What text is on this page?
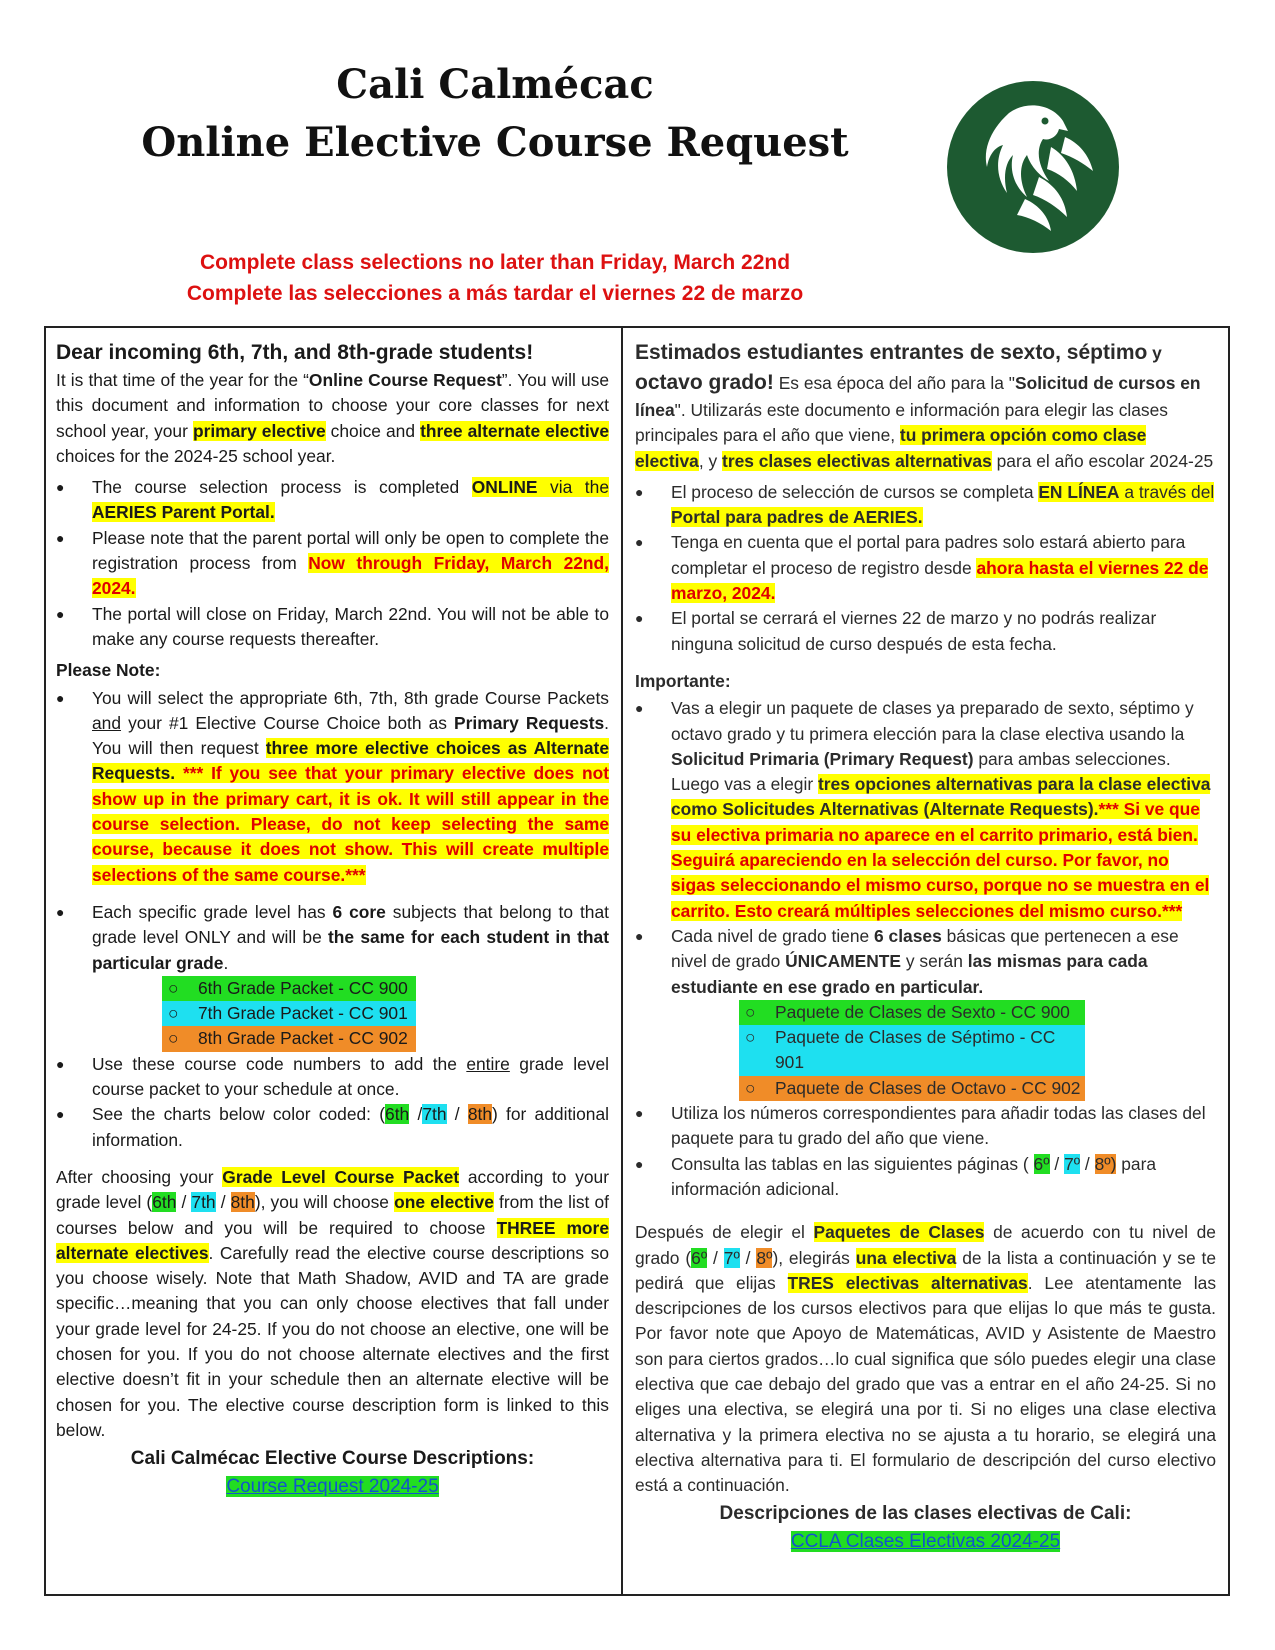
Cali Calmécac
Online Elective Course Request
Complete class selections no later than Friday, March 22nd
Complete las selecciones a más tardar el viernes 22 de marzo
Dear incoming 6th, 7th, and 8th-grade students!
It is that time of the year for the “Online Course Request”. You will use this document and information to choose your core classes for next school year, your primary elective choice and three alternate elective choices for the 2024-25 school year.
● The course selection process is completed ONLINE via the AERIES Parent Portal.
● Please note that the parent portal will only be open to complete the registration process from Now through Friday, March 22nd, 2024.
● The portal will close on Friday, March 22nd. You will not be able to make any course requests thereafter.
Please Note:
● You will select the appropriate 6th, 7th, 8th grade Course Packets and your #1 Elective Course Choice both as Primary Requests. You will then request three more elective choices as Alternate Requests. *** If you see that your primary elective does not show up in the primary cart, it is ok. It will still appear in the course selection. Please, do not keep selecting the same course, because it does not show. This will create multiple selections of the same course.***
● Each specific grade level has 6 core subjects that belong to that grade level ONLY and will be the same for each student in that particular grade.
○ 6th Grade Packet - CC 900
○ 7th Grade Packet - CC 901
○ 8th Grade Packet - CC 902
● Use these course code numbers to add the entire grade level course packet to your schedule at once.
● See the charts below color coded: (6th /7th / 8th) for additional information.
After choosing your Grade Level Course Packet according to your grade level (6th / 7th / 8th), you will choose one elective from the list of courses below and you will be required to choose THREE more alternate electives. Carefully read the elective course descriptions so you choose wisely. Note that Math Shadow, AVID and TA are grade specific…meaning that you can only choose electives that fall under your grade level for 24-25. If you do not choose an elective, one will be chosen for you. If you do not choose alternate electives and the first elective doesn’t fit in your schedule then an alternate elective will be chosen for you. The elective course description form is linked to this below.
Cali Calmécac Elective Course Descriptions:
Course Request 2024-25
Estimados estudiantes entrantes de sexto, séptimo y
octavo grado! Es esa época del año para la "Solicitud de cursos en línea". Utilizarás este documento e información para elegir las clases principales para el año que viene, tu primera opción como clase electiva, y tres clases electivas alternativas para el año escolar 2024-25
● El proceso de selección de cursos se completa EN LÍNEA a través del Portal para padres de AERIES.
● Tenga en cuenta que el portal para padres solo estará abierto para completar el proceso de registro desde ahora hasta el viernes 22 de marzo, 2024.
● El portal se cerrará el viernes 22 de marzo y no podrás realizar ninguna solicitud de curso después de esta fecha.
Importante:
● Vas a elegir un paquete de clases ya preparado de sexto, séptimo y octavo grado y tu primera elección para la clase electiva usando la Solicitud Primaria (Primary Request) para ambas selecciones. Luego vas a elegir tres opciones alternativas para la clase electiva como Solicitudes Alternativas (Alternate Requests).*** Si ve que su electiva primaria no aparece en el carrito primario, está bien. Seguirá apareciendo en la selección del curso. Por favor, no sigas seleccionando el mismo curso, porque no se muestra en el carrito. Esto creará múltiples selecciones del mismo curso.***
● Cada nivel de grado tiene 6 clases básicas que pertenecen a ese nivel de grado ÚNICAMENTE y serán las mismas para cada estudiante en ese grado en particular.
○ Paquete de Clases de Sexto - CC 900
○ Paquete de Clases de Séptimo - CC 901
○ Paquete de Clases de Octavo - CC 902
● Utiliza los números correspondientes para añadir todas las clases del paquete para tu grado del año que viene.
● Consulta las tablas en las siguientes páginas ( 6º / 7º / 8º) para información adicional.
Después de elegir el Paquetes de Clases de acuerdo con tu nivel de grado (6º / 7º / 8º), elegirás una electiva de la lista a continuación y se te pedirá que elijas TRES electivas alternativas. Lee atentamente las descripciones de los cursos electivos para que elijas lo que más te gusta. Por favor note que Apoyo de Matemáticas, AVID y Asistente de Maestro son para ciertos grados…lo cual significa que sólo puedes elegir una clase electiva que cae debajo del grado que vas a entrar en el año 24-25. Si no eliges una electiva, se elegirá una por ti. Si no eliges una clase electiva alternativa y la primera electiva no se ajusta a tu horario, se elegirá una electiva alternativa para ti. El formulario de descripción del curso electivo está a continuación.
Descripciones de las clases electivas de Cali:
CCLA Clases Electivas 2024-25
